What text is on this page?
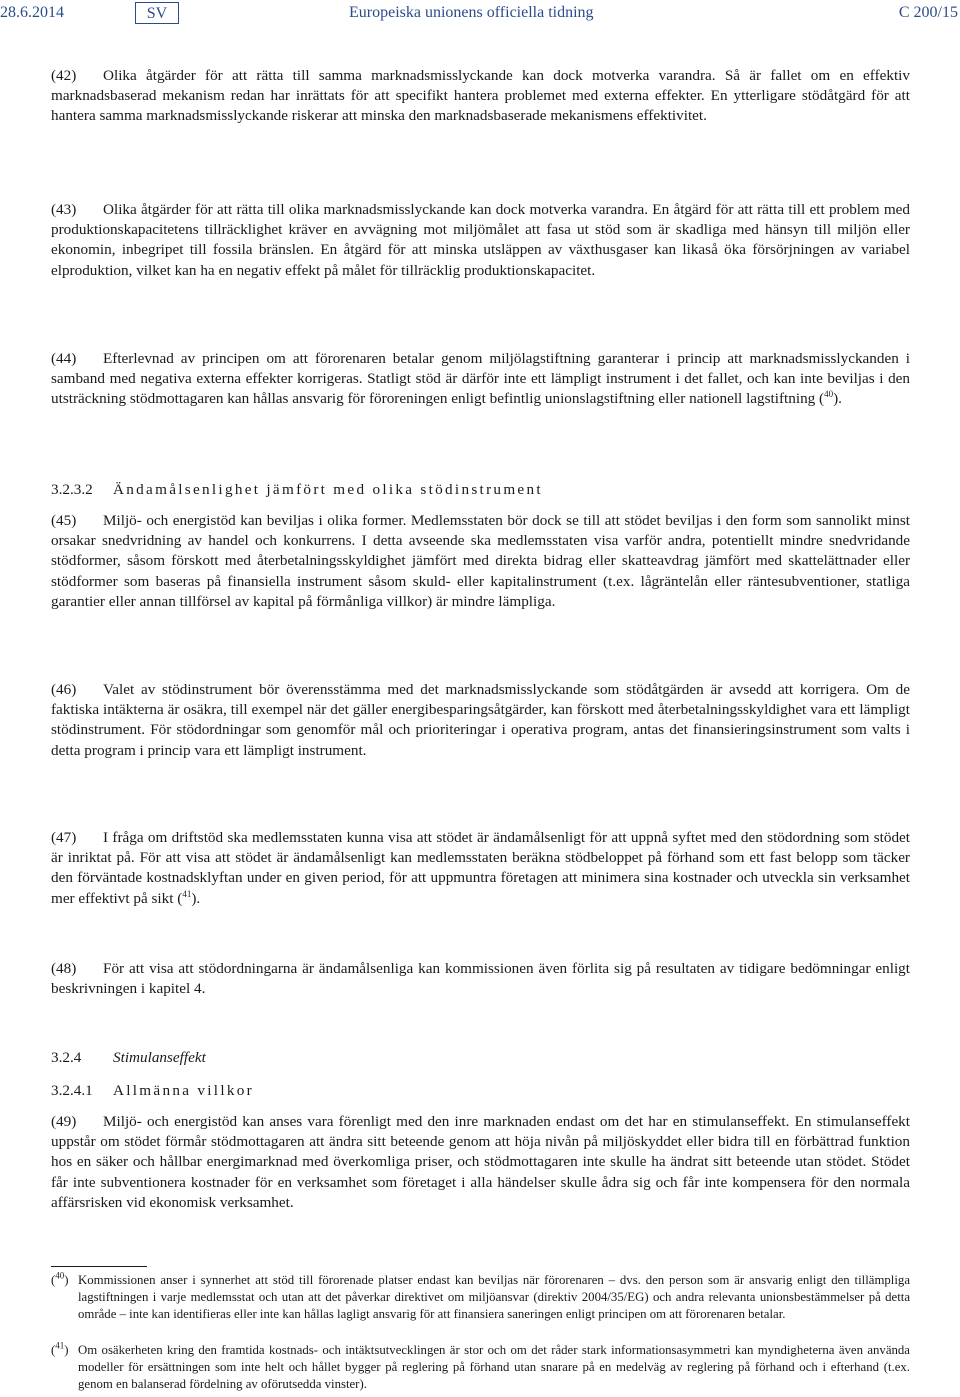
28.6.2014	SV	Europeiska unionens officiella tidning	C 200/15

(42) Olika åtgärder för att rätta till samma marknadsmisslyckande kan dock motverka varandra. Så är fallet om en effektiv marknadsbaserad mekanism redan har inrättats för att specifikt hantera problemet med externa effekter. En ytterligare stödåtgärd för att hantera samma marknadsmisslyckande riskerar att minska den marknadsbaserade mekanismens effektivitet.

(43) Olika åtgärder för att rätta till olika marknadsmisslyckande kan dock motverka varandra. En åtgärd för att rätta till ett problem med produktionskapacitetens tillräcklighet kräver en avvägning mot miljömålet att fasa ut stöd som är skadliga med hänsyn till miljön eller ekonomin, inbegripet till fossila bränslen. En åtgärd för att minska utsläppen av växthusgaser kan likaså öka försörjningen av variabel elproduktion, vilket kan ha en negativ effekt på målet för tillräcklig produktionskapacitet.

(44) Efterlevnad av principen om att förorenaren betalar genom miljölagstiftning garanterar i princip att marknadsmisslyckanden i samband med negativa externa effekter korrigeras. Statligt stöd är därför inte ett lämpligt instrument i det fallet, och kan inte beviljas i den utsträckning stödmottagaren kan hållas ansvarig för föroreningen enligt befintlig unionslagstiftning eller nationell lagstiftning ($^{40}$).

3.2.3.2 Ändamålsenlighet jämfört med olika stödinstrument

(45) Miljö- och energistöd kan beviljas i olika former. Medlemsstaten bör dock se till att stödet beviljas i den form som sannolikt minst orsakar snedvridning av handel och konkurrens. I detta avseende ska medlemsstaten visa varför andra, potentiellt mindre snedvridande stödformer, såsom förskott med återbetalningsskyldighet jämfört med direkta bidrag eller skatteavdrag jämfört med skattelättnader eller stödformer som baseras på finansiella instrument såsom skuld- eller kapitalinstrument (t.ex. lågräntelån eller räntesubventioner, statliga garantier eller annan tillförsel av kapital på förmånliga villkor) är mindre lämpliga.

(46) Valet av stödinstrument bör överensstämma med det marknadsmisslyckande som stödåtgärden är avsedd att korrigera. Om de faktiska intäkterna är osäkra, till exempel när det gäller energibesparingsåtgärder, kan förskott med återbetalningsskyldighet vara ett lämpligt stödinstrument. För stödordningar som genomför mål och prioriteringar i operativa program, antas det finansieringsinstrument som valts i detta program i princip vara ett lämpligt instrument.

(47) I fråga om driftstöd ska medlemsstaten kunna visa att stödet är ändamålsenligt för att uppnå syftet med den stödordning som stödet är inriktat på. För att visa att stödet är ändamålsenligt kan medlemsstaten beräkna stödbeloppet på förhand som ett fast belopp som täcker den förväntade kostnadsklyftan under en given period, för att uppmuntra företagen att minimera sina kostnader och utveckla sin verksamhet mer effektivt på sikt ($^{41}$).

(48) För att visa att stödordningarna är ändamålsenliga kan kommissionen även förlita sig på resultaten av tidigare bedömningar enligt beskrivningen i kapitel 4.

3.2.4 Stimulanseffekt

3.2.4.1 Allmänna villkor

(49) Miljö- och energistöd kan anses vara förenligt med den inre marknaden endast om det har en stimulanseffekt. En stimulanseffekt uppstår om stödet förmår stödmottagaren att ändra sitt beteende genom att höja nivån på miljöskyddet eller bidra till en förbättrad funktion hos en säker och hållbar energimarknad med överkomliga priser, och stödmottagaren inte skulle ha ändrat sitt beteende utan stödet. Stödet får inte subventionera kostnader för en verksamhet som företaget i alla händelser skulle ådra sig och får inte kompensera för den normala affärsrisken vid ekonomisk verksamhet.

($^{40}$) Kommissionen anser i synnerhet att stöd till förorenade platser endast kan beviljas när förorenaren – dvs. den person som är ansvarig enligt den tillämpliga lagstiftningen i varje medlemsstat och utan att det påverkar direktivet om miljöansvar (direktiv 2004/35/EG) och andra relevanta unionsbestämmelser på detta område – inte kan identifieras eller inte kan hållas lagligt ansvarig för att finansiera saneringen enligt principen om att förorenaren betalar.

($^{41}$) Om osäkerheten kring den framtida kostnads- och intäktsutvecklingen är stor och om det råder stark informationsasymmetri kan myndigheterna även använda modeller för ersättningen som inte helt och hållet bygger på reglering på förhand utan snarare på en medelväg av reglering på förhand och i efterhand (t.ex. genom en balanserad fördelning av oförutsedda vinster).
